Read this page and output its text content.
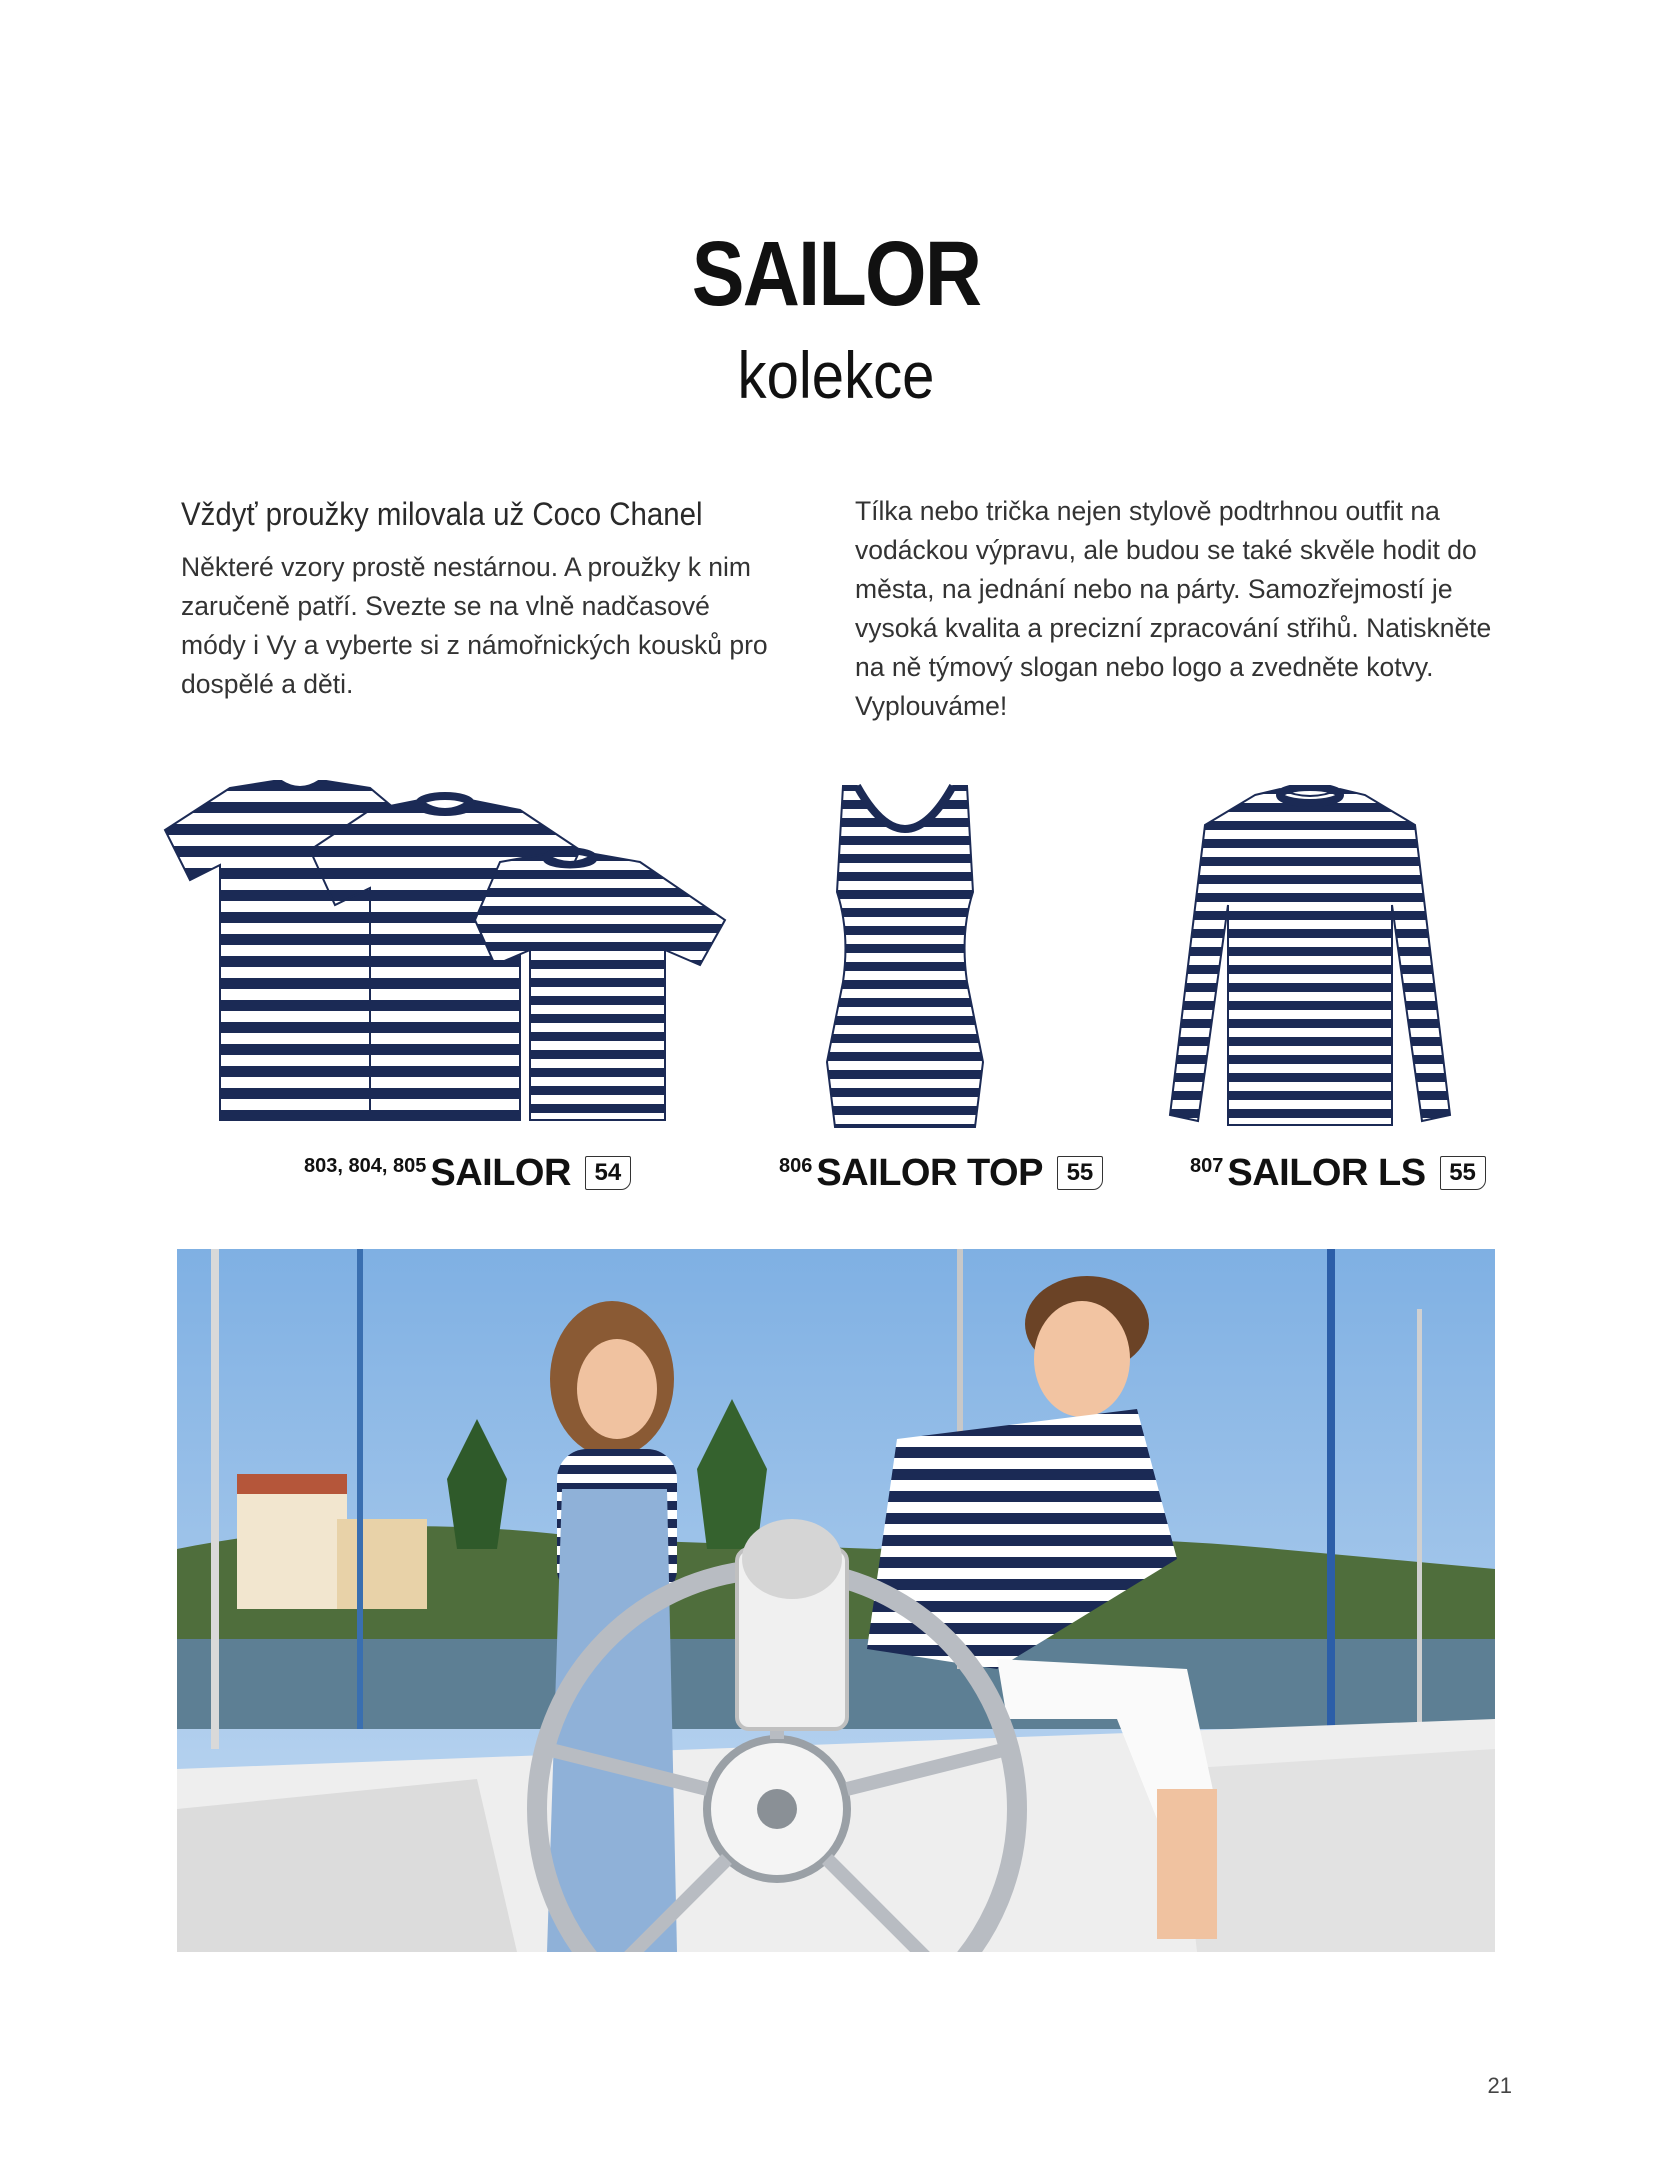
SAILOR
kolekce
Vždyť proužky milovala už Coco Chanel
Některé vzory prostě nestárnou. A proužky k nim zaručeně patří. Svezte se na vlně nadčasové módy i Vy a vyberte si z námořnických kousků pro dospělé a děti.
Tílka nebo trička nejen stylově podtrhnou outfit na vodáckou výpravu, ale budou se také skvěle hodit do města, na jednání nebo na párty. Samozřejmostí je vysoká kvalita a precizní zpracování střihů. Natiskněte na ně týmový slogan nebo logo a zvedněte kotvy. Vyplouváme!
803, 804, 805 SAILOR 54	806 SAILOR TOP 55	807 SAILOR LS 55
21
